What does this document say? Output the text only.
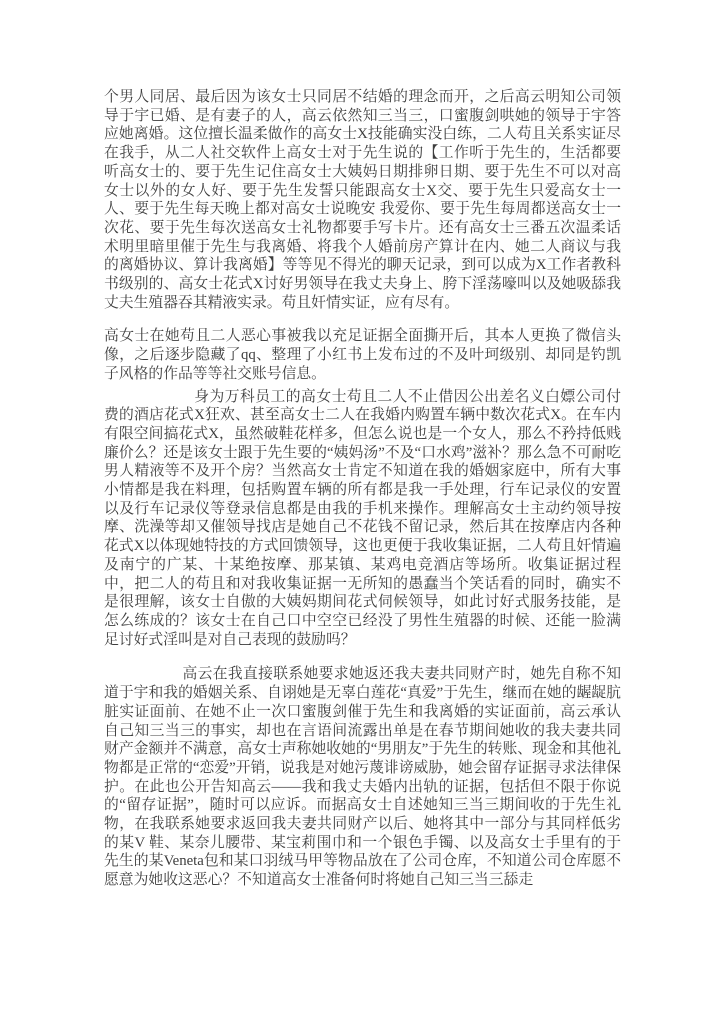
个男人同居、最后因为该女士只同居不结婚的理念而开，之后高云明知公司领导于宇已婚、是有妻子的人，高云依然知三当三，口蜜腹剑哄她的领导于宇答应她离婚。这位擅长温柔做作的高女士X技能确实没白练，二人苟且关系实证尽在我手，从二人社交软件上高女士对于先生说的【工作听于先生的，生活都要听高女士的、要于先生记住高女士大姨妈日期排卵日期、要于先生不可以对高女士以外的女人好、要于先生发誓只能跟高女士X交、要于先生只爱高女士一人、要于先生每天晚上都对高女士说晚安 我爱你、要于先生每周都送高女士一次花、要于先生每次送高女士礼物都要手写卡片。还有高女士三番五次温柔话术明里暗里催于先生与我离婚、将我个人婚前房产算计在内、她二人商议与我的离婚协议、算计我离婚】等等见不得光的聊天记录，到可以成为X工作者教科书级别的、高女士花式X讨好男领导在我丈夫身上、胯下淫荡嚎叫以及她吸舔我丈夫生殖器吞其精液实录。苟且奸情实证，应有尽有。

高女士在她苟且二人恶心事被我以充足证据全面撕开后，其本人更换了微信头像，之后逐步隐藏了qq、整理了小红书上发布过的不及叶珂级别、却同是钓凯子风格的作品等等社交账号信息。

身为万科员工的高女士苟且二人不止借因公出差名义白嫖公司付费的酒店花式X狂欢、甚至高女士二人在我婚内购置车辆中数次花式X。在车内有限空间搞花式X，虽然破鞋花样多，但怎么说也是一个女人，那么不矜持低贱廉价么？还是该女士跟于先生要的“姨妈汤”不及“口水鸡”滋补？那么急不可耐吃男人精液等不及开个房？当然高女士肯定不知道在我的婚姻家庭中，所有大事小情都是我在料理，包括购置车辆的所有都是我一手处理，行车记录仪的安置以及行车记录仪等登录信息都是由我的手机来操作。理解高女士主动约领导按摩、洗澡等却又催领导找店是她自己不花钱不留记录，然后其在按摩店内各种花式X以体现她特技的方式回馈领导，这也更便于我收集证据，二人苟且奸情遍及南宁的广某、十某绝按摩、那某镇、某鸡电竞酒店等场所。收集证据过程中，把二人的苟且和对我收集证据一无所知的愚蠢当个笑话看的同时，确实不是很理解，该女士自傲的大姨妈期间花式伺候领导，如此讨好式服务技能，是怎么练成的？该女士在自己口中空空已经没了男性生殖器的时候、还能一脸满足讨好式淫叫是对自己表现的鼓励吗？

高云在我直接联系她要求她返还我夫妻共同财产时，她先自称不知道于宇和我的婚姻关系、自诩她是无辜白莲花“真爱”于先生，继而在她的龌龊肮脏实证面前、在她不止一次口蜜腹剑催于先生和我离婚的实证面前，高云承认自己知三当三的事实，却也在言语间流露出单是在春节期间她收的我夫妻共同财产金额并不满意，高女士声称她收她的“男朋友”于先生的转账、现金和其他礼物都是正常的“恋爱”开销，说我是对她污蔑诽谤威胁，她会留存证据寻求法律保护。在此也公开告知高云——我和我丈夫婚内出轨的证据，包括但不限于你说的“留存证据”，随时可以应诉。而据高女士自述她知三当三期间收的于先生礼物，在我联系她要求返回我夫妻共同财产以后、她将其中一部分与其同样低劣的某V 鞋、某奈儿腰带、某宝莉围巾和一个银色手镯、以及高女士手里有的于先生的某Veneta包和某口羽绒马甲等物品放在了公司仓库，不知道公司仓库愿不愿意为她收这恶心？不知道高女士准备何时将她自己知三当三舔走
